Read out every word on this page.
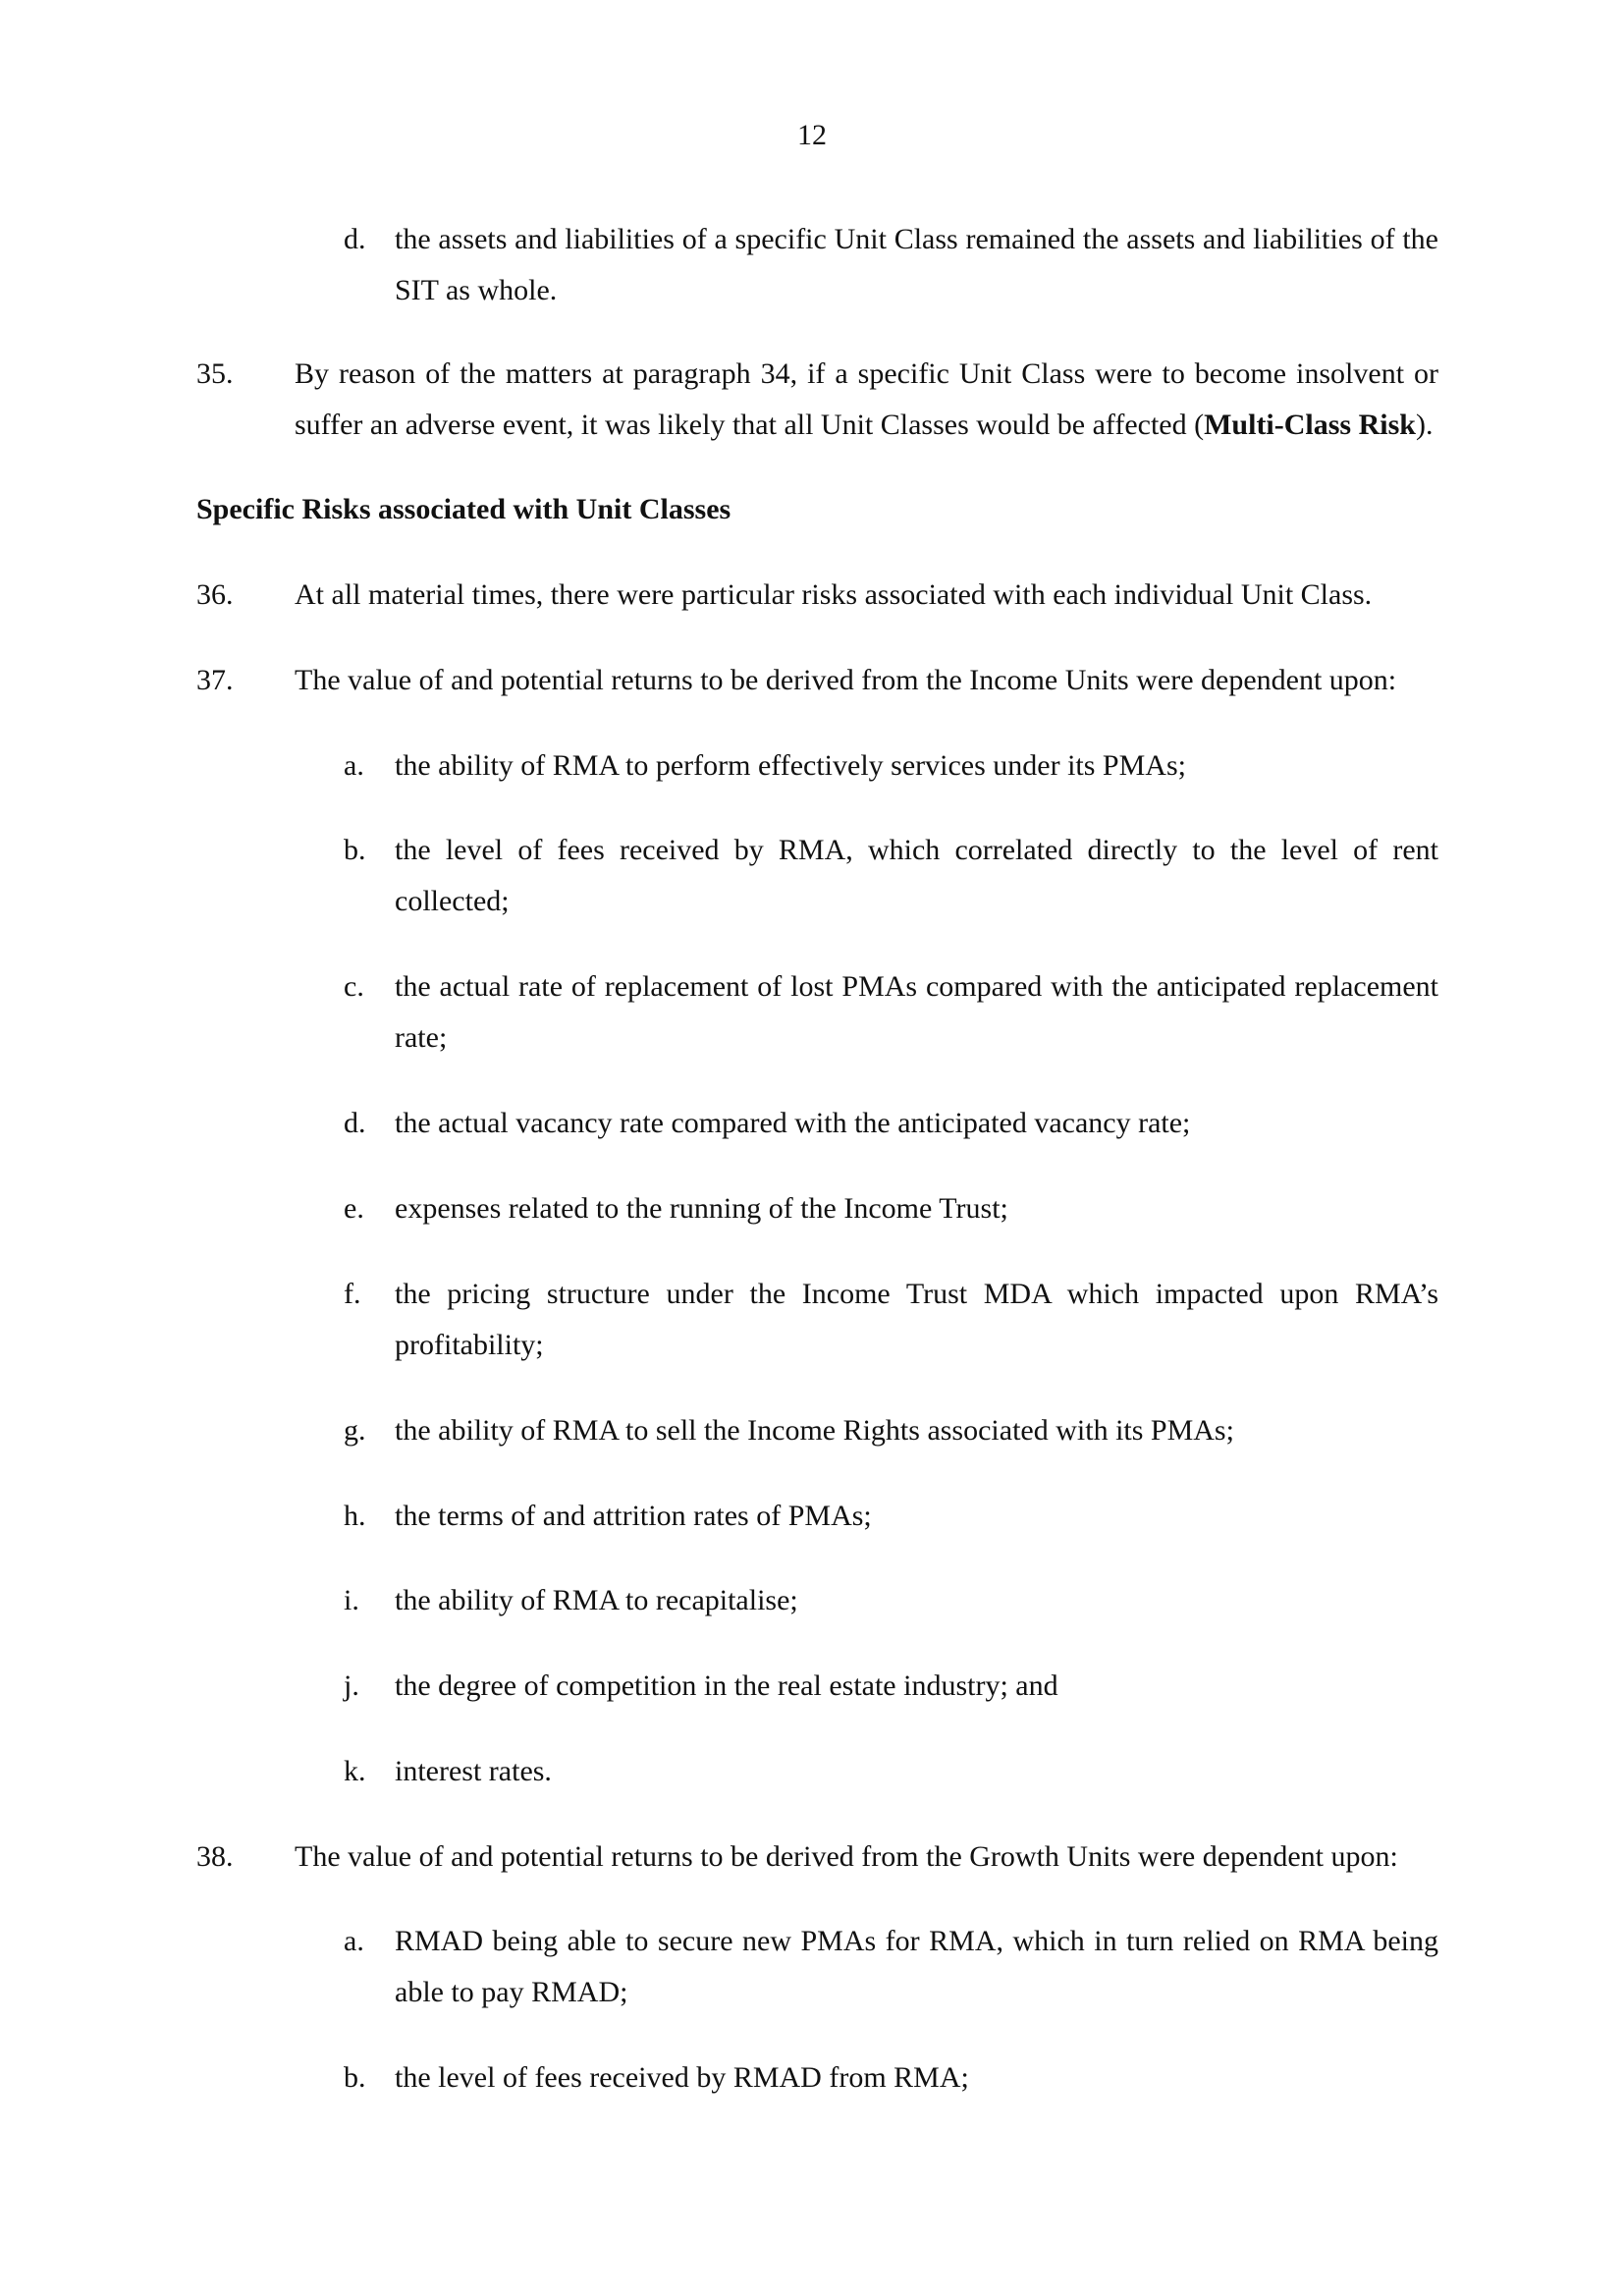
12
d. the assets and liabilities of a specific Unit Class remained the assets and liabilities of the SIT as whole.
35. By reason of the matters at paragraph 34, if a specific Unit Class were to become insolvent or suffer an adverse event, it was likely that all Unit Classes would be affected (Multi-Class Risk).
Specific Risks associated with Unit Classes
36. At all material times, there were particular risks associated with each individual Unit Class.
37. The value of and potential returns to be derived from the Income Units were dependent upon:
a. the ability of RMA to perform effectively services under its PMAs;
b. the level of fees received by RMA, which correlated directly to the level of rent collected;
c. the actual rate of replacement of lost PMAs compared with the anticipated replacement rate;
d. the actual vacancy rate compared with the anticipated vacancy rate;
e. expenses related to the running of the Income Trust;
f. the pricing structure under the Income Trust MDA which impacted upon RMA’s profitability;
g. the ability of RMA to sell the Income Rights associated with its PMAs;
h. the terms of and attrition rates of PMAs;
i. the ability of RMA to recapitalise;
j. the degree of competition in the real estate industry; and
k. interest rates.
38. The value of and potential returns to be derived from the Growth Units were dependent upon:
a. RMAD being able to secure new PMAs for RMA, which in turn relied on RMA being able to pay RMAD;
b. the level of fees received by RMAD from RMA;
